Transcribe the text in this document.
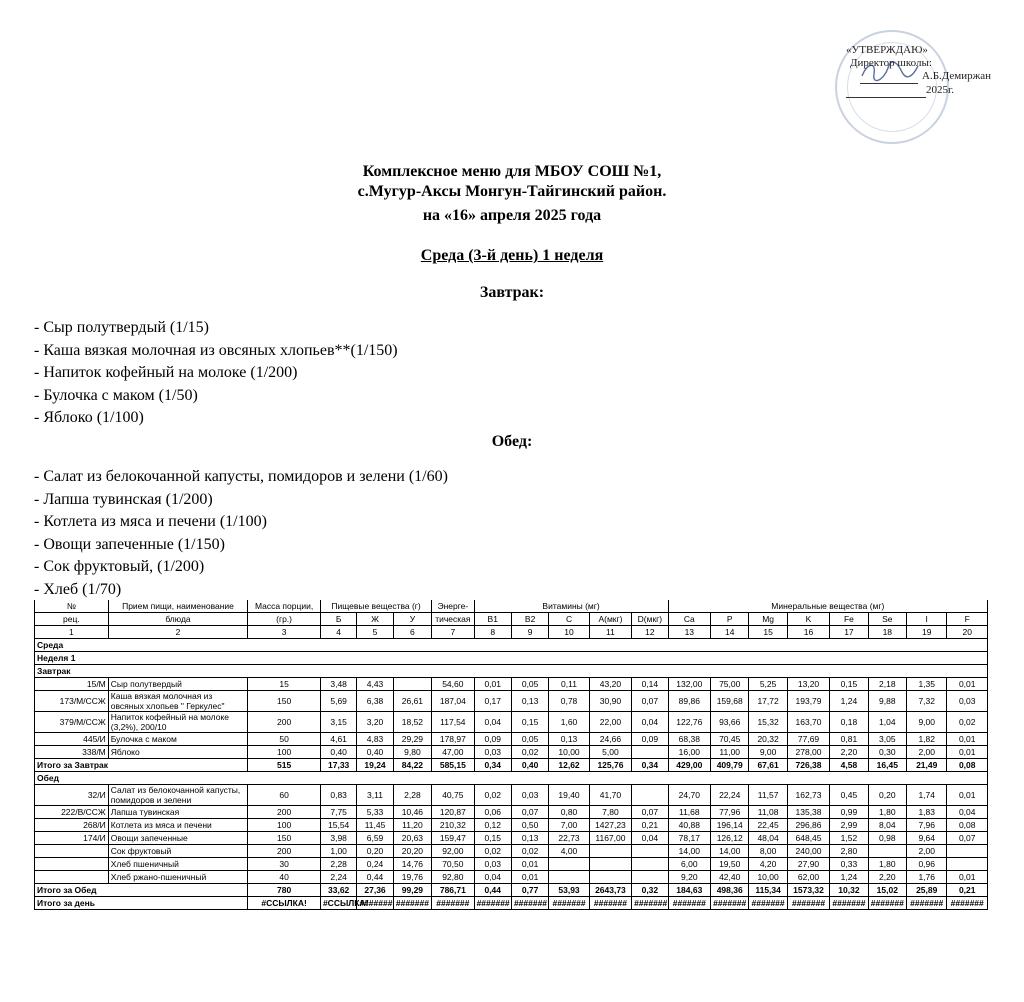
«УТВЕРЖДАЮ»
Директор школы:
А.Б.Демиржан
2025г.
Комплексное меню для МБОУ СОШ №1,
с.Мугур-Аксы Монгун-Тайгинский район.
на «16» апреля 2025 года
Среда (3-й день) 1 неделя
Завтрак:
- Сыр полутвердый (1/15)
- Каша вязкая молочная из овсяных хлопьев**(1/150)
- Напиток кофейный на молоке (1/200)
- Булочка с маком (1/50)
- Яблоко (1/100)
Обед:
- Салат из белокочанной капусты, помидоров и зелени (1/60)
- Лапша тувинская (1/200)
- Котлета из мяса и печени (1/100)
- Овощи запеченные (1/150)
- Сок фруктовый, (1/200)
- Хлеб (1/70)
№	Прием пищи, наименование	Масса порции,	Пищевые вещества (г)			Энерге-	Витамины (мг)					Минеральные вещества (мг)							
рец.	блюда	(гр.)	Б	Ж	У	тическая	B1	B2	C	A(мкг)	D(мкг)	Ca	P	Mg	K	Fe	Se	I	F
1	2	3	4	5	6	7	8	9	10	11	12	13	14	15	16	17	18	19	20
Среда																			
Неделя 1																			
Завтрак																			
15/М	Сыр полутвердый	15	3,48	4,43		54,60	0,01	0,05	0,11	43,20	0,14	132,00	75,00	5,25	13,20	0,15	2,18	1,35	0,01
173/М/ССЖ	Каша вязкая молочная из овсяных хлопьев " Геркулес"	150	5,69	6,38	26,61	187,04	0,17	0,13	0,78	30,90	0,07	89,86	159,68	17,72	193,79	1,24	9,88	7,32	0,03
379/М/ССЖ	Напиток кофейный на молоке (3,2%), 200/10	200	3,15	3,20	18,52	117,54	0,04	0,15	1,60	22,00	0,04	122,76	93,66	15,32	163,70	0,18	1,04	9,00	0,02
445/И	Булочка с маком	50	4,61	4,83	29,29	178,97	0,09	0,05	0,13	24,66	0,09	68,38	70,45	20,32	77,69	0,81	3,05	1,82	0,01
338/М	Яблоко	100	0,40	0,40	9,80	47,00	0,03	0,02	10,00	5,00		16,00	11,00	9,00	278,00	2,20	0,30	2,00	0,01
Итого за Завтрак		515	17,33	19,24	84,22	585,15	0,34	0,40	12,62	125,76	0,34	429,00	409,79	67,61	726,38	4,58	16,45	21,49	0,08
Обед																			
32/И	Салат из белокочанной капусты, помидоров и зелени	60	0,83	3,11	2,28	40,75	0,02	0,03	19,40	41,70		24,70	22,24	11,57	162,73	0,45	0,20	1,74	0,01
222/В/ССЖ	Лапша тувинская	200	7,75	5,33	10,46	120,87	0,06	0,07	0,80	7,80	0,07	11,68	77,96	11,08	135,38	0,99	1,80	1,83	0,04
268/И	Котлета из мяса и печени	100	15,54	11,45	11,20	210,32	0,12	0,50	7,00	1427,23	0,21	40,88	196,14	22,45	296,86	2,99	8,04	7,96	0,08
174/И	Овощи запеченные	150	3,98	6,59	20,63	159,47	0,15	0,13	22,73	1167,00	0,04	78,17	126,12	48,04	648,45	1,52	0,98	9,64	0,07
	Сок фруктовый	200	1,00	0,20	20,20	92,00	0,02	0,02	4,00			14,00	14,00	8,00	240,00	2,80		2,00	
	Хлеб пшеничный	30	2,28	0,24	14,76	70,50	0,03	0,01				6,00	19,50	4,20	27,90	0,33	1,80	0,96	
	Хлеб ржано-пшеничный	40	2,24	0,44	19,76	92,80	0,04	0,01				9,20	42,40	10,00	62,00	1,24	2,20	1,76	0,01
Итого за Обед		780	33,62	27,36	99,29	786,71	0,44	0,77	53,93	2643,73	0,32	184,63	498,36	115,34	1573,32	10,32	15,02	25,89	0,21
Итого за день		#ССЫЛКА!	#ССЫЛКА!	#######	#######	#######	#######	#######	#######	#######	#######	#######	#######	#######	#######	#######	#######	#######	#######
